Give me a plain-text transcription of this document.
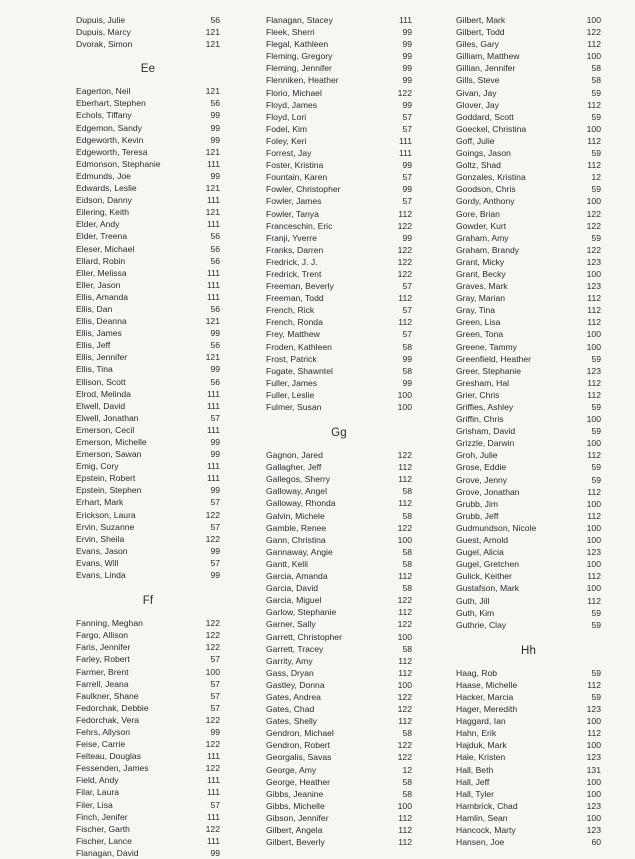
Dupuis, Julie	56
Dupuis, Marcy	121
Dvorak, Simon	121
Ee
Eagerton, Neil	121
Eberhart, Stephen	56
Echols, Tiffany	99
Edgemon, Sandy	99
Edgeworth, Kevin	99
Edgeworth, Teresa	121
Edmonson, Stephanie	111
Edmunds, Joe	99
Edwards, Leslie	121
Eidson, Danny	111
Eilering, Keith	121
Elder, Andy	111
Elder, Treena	56
Eleser, Michael	56
Ellard, Robin	56
Eller, Melissa	111
Eller, Jason	111
Ellis, Amanda	111
Ellis, Dan	56
Ellis, Deanna	121
Ellis, James	99
Ellis, Jeff	56
Ellis, Jennifer	121
Ellis, Tina	99
Ellison, Scott	56
Elrod, Melinda	111
Elwell, David	111
Elwell, Jonathan	57
Emerson, Cecil	111
Emerson, Michelle	99
Emerson, Sawan	99
Emig, Cory	111
Epstein, Robert	111
Epstein, Stephen	99
Erhart, Mark	57
Erickson, Laura	122
Ervin, Suzanne	57
Ervin, Sheila	122
Evans, Jason	99
Evans, Will	57
Evans, Linda	99
Ff
Fanning, Meghan	122
Fargo, Allison	122
Faris, Jennifer	122
Farley, Robert	57
Farmer, Brent	100
Farrell, Jeana	57
Faulkner, Shane	57
Fedorchak, Debbie	57
Fedorchak, Vera	122
Fehrs, Allyson	99
Feise, Carrie	122
Felteau, Douglas	111
Fessenden, James	122
Field, Andy	111
Filar, Laura	111
Filer, Lisa	57
Finch, Jenifer	111
Fischer, Garth	122
Fischer, Lance	111
Flanagan, David	99
Flanagan, Stacey	111
Fleek, Sherri	99
Flegal, Kathleen	99
Fleming, Gregory	99
Fleming, Jennifer	99
Flenniken, Heather	99
Florio, Michael	122
Floyd, James	99
Floyd, Lori	57
Fodel, Kim	57
Foley, Keri	111
Forrest, Jay	111
Foster, Kristina	99
Fountain, Karen	57
Fowler, Christopher	99
Fowler, James	57
Fowler, Tanya	112
Franceschin, Eric	122
Franji, Yverre	99
Franks, Darren	122
Fredrick, J. J.	122
Fredrick, Trent	122
Freeman, Beverly	57
Freeman, Todd	112
French, Rick	57
French, Ronda	112
Frey, Matthew	57
Froden, Kathleen	58
Frost, Patrick	99
Fugate, Shawntel	58
Fuller, James	99
Fuller, Leslie	100
Fulmer, Susan	100
Gg
Gagnon, Jared	122
Gallagher, Jeff	112
Gallegos, Sherry	112
Galloway, Angel	58
Galloway, Rhonda	112
Galvin, Michele	58
Gamble, Renee	122
Gann, Christina	100
Gannaway, Angie	58
Gantt, Kelli	58
Garcia, Amanda	112
Garcia, David	58
Garcia, Miguel	122
Garlow, Stephanie	112
Garner, Sally	122
Garrett, Christopher	100
Garrett, Tracey	58
Garrity, Amy	112
Gass, Dryan	112
Gastley, Donna	100
Gates, Andrea	122
Gates, Chad	122
Gates, Shelly	112
Gendron, Michael	58
Gendron, Robert	122
Georgalis, Savas	122
George, Amy	12
George, Heather	58
Gibbs, Jeanine	58
Gibbs, Michelle	100
Gibson, Jennifer	112
Gilbert, Angela	112
Gilbert, Beverly	112
Gilbert, Mark	100
Gilbert, Todd	122
Giles, Gary	112
Gilliam, Matthew	100
Gillian, Jennifer	58
Gills, Steve	58
Givan, Jay	59
Glover, Jay	112
Goddard, Scott	59
Goeckel, Christina	100
Goff, Julie	112
Goings, Jason	59
Goltz, Shad	112
Gonzales, Kristina	12
Goodson, Chris	59
Gordy, Anthony	100
Gore, Brian	122
Gowder, Kurt	122
Graham, Amy	59
Graham, Brandy	122
Grant, Micky	123
Grant, Becky	100
Graves, Mark	123
Gray, Marian	112
Gray, Tina	112
Green, Lisa	112
Green, Tona	100
Greene, Tammy	100
Greenfield, Heather	59
Greer, Stephanie	123
Gresham, Hal	112
Grier, Chris	112
Griffies, Ashley	59
Griffin, Chris	100
Grisham, David	59
Grizzle, Darwin	100
Groh, Julie	112
Grose, Eddie	59
Grove, Jenny	59
Grove, Jonathan	112
Grubb, Jim	100
Grubb, Jeff	112
Gudmundson, Nicole	100
Guest, Arnold	100
Gugel, Alicia	123
Gugel, Gretchen	100
Gulick, Keither	112
Gustafson, Mark	100
Guth, Jill	112
Guth, Kim	59
Guthrie, Clay	59
Hh
Haag, Rob	59
Haase, Michelle	112
Hacker, Marcia	59
Hager, Meredith	123
Haggard, Ian	100
Hahn, Erik	112
Hajduk, Mark	100
Hale, Kristen	123
Hall, Beth	131
Hall, Jeff	100
Hall, Tyler	100
Hambrick, Chad	123
Hamlin, Sean	100
Hancock, Marty	123
Hansen, Joe	60
